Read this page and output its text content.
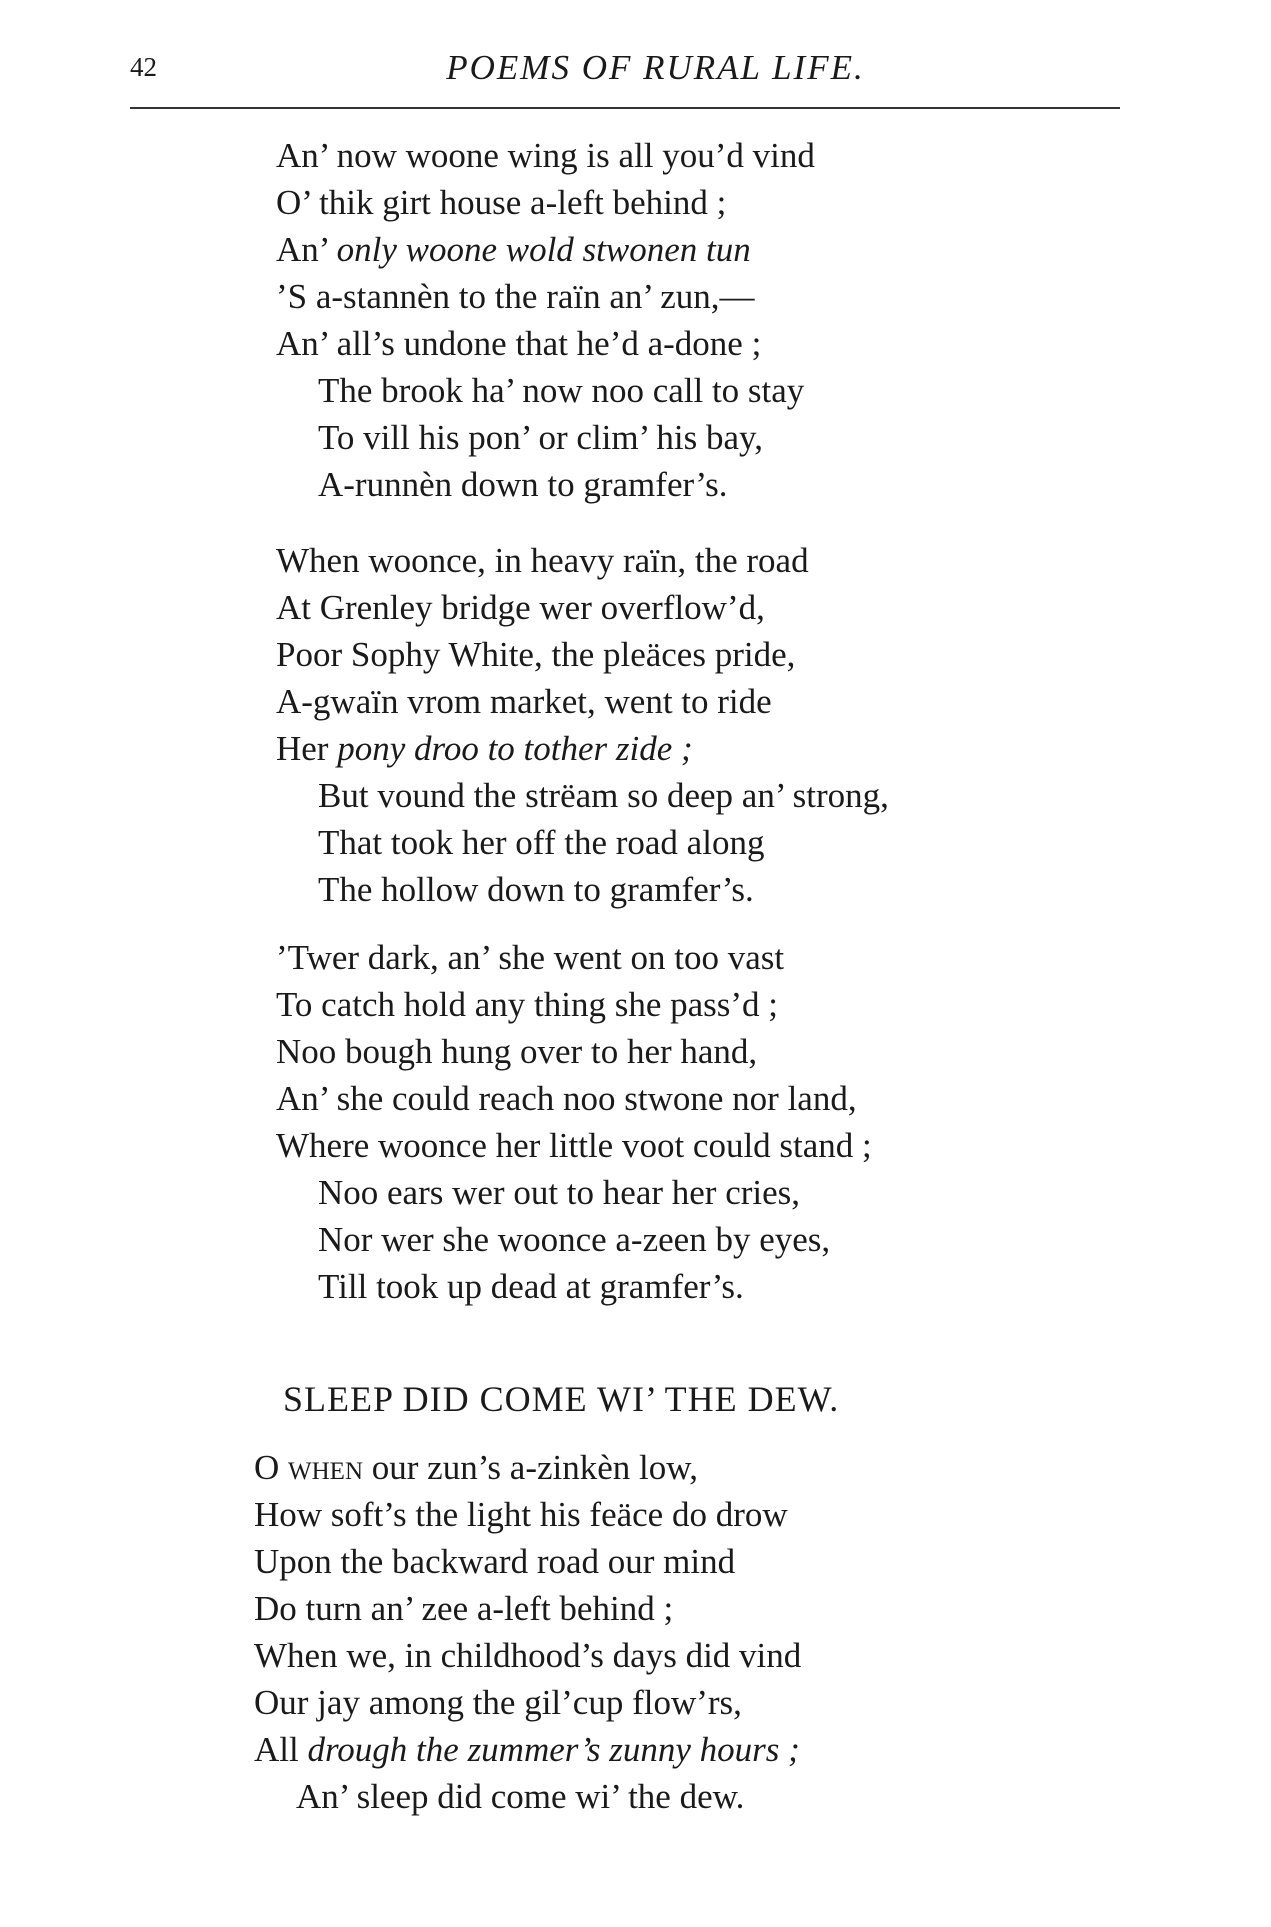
42	POEMS OF RURAL LIFE.
An’ now woone wing is all you’d vind
O’ thik girt house a-left behind ;
An’ only woone wold stwonen tun
’S a-stannèn to the raïn an’ zun,—
An’ all’s undone that he’d a-done ;
The brook ha’ now noo call to stay
To vill his pon’ or clim’ his bay,
A-runnèn down to gramfer’s.
When woonce, in heavy raïn, the road
At Grenley bridge wer overflow’d,
Poor Sophy White, the pleäces pride,
A-gwaïn vrom market, went to ride
Her pony droo to tother zide ;
But vound the strëam so deep an’ strong,
That took her off the road along
The hollow down to gramfer’s.
’Twer dark, an’ she went on too vast
To catch hold any thing she pass’d ;
Noo bough hung over to her hand,
An’ she could reach noo stwone nor land,
Where woonce her little voot could stand ;
Noo ears wer out to hear her cries,
Nor wer she woonce a-zeen by eyes,
Till took up dead at gramfer’s.
SLEEP DID COME WI’ THE DEW.
O when our zun’s a-zinkèn low,
How soft’s the light his feäce do drow
Upon the backward road our mind
Do turn an’ zee a-left behind ;
When we, in childhood’s days did vind
Our jay among the gil’cup flow’rs,
All drough the zummer’s zunny hours ;
An’ sleep did come wi’ the dew.
